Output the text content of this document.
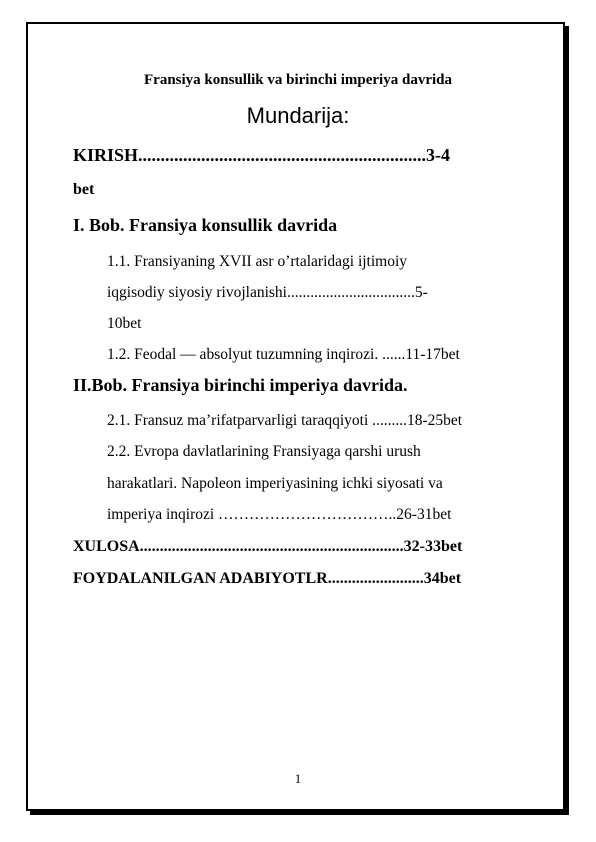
Fransiya konsullik va birinchi imperiya davrida
Mundarija:
KIRISH................................................................3-4
bet
I. Bob. Fransiya konsullik davrida
1.1. Fransiyaning XVII asr o’rtalaridagi ijtimoiy
iqgisodiy siyosiy rivojlanishi.................................5-
10bet
1.2. Feodal — absolyut tuzumning inqirozi. ......11-17bet
II.Bob. Fransiya birinchi imperiya davrida.
2.1. Fransuz ma’rifatparvarligi taraqqiyoti .........18-25bet
2.2. Evropa davlatlarining Fransiyaga qarshi urush
harakatlari. Napoleon imperiyasining ichki siyosati va
imperiya inqirozi ……………………………..26-31bet
XULOSA..................................................................32-33bet
FOYDALANILGAN ADABIYOTLR........................34bet
1
